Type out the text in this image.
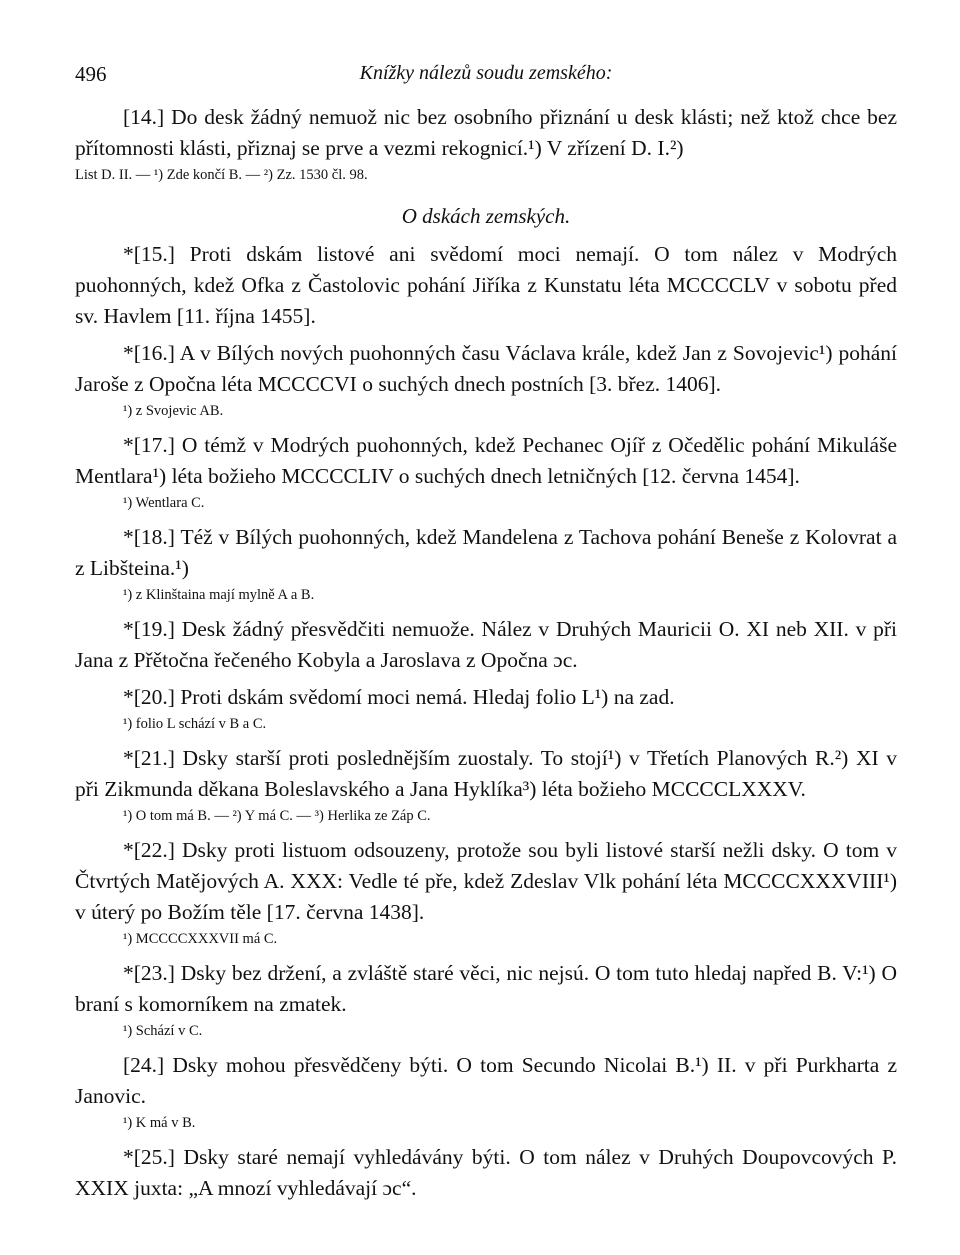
496	Knížky nálezů soudu zemského:

[14.] Do desk žádný nemuož nic bez osobního přiznání u desk klásti; než ktož chce bez přítomnosti klásti, přiznaj se prve a vezmi rekognicí.¹) V zřízení D. I.²)

List D. II. — ¹) Zde končí B. — ²) Zz. 1530 čl. 98.

O dskách zemských.

*[15.] Proti dskám listové ani svědomí moci nemají. O tom nález v Modrých puohonných, kdež Ofka z Častolovic pohání Jiříka z Kunstatu léta MCCCCLV v sobotu před sv. Havlem [11. října 1455].

*[16.] A v Bílých nových puohonných času Václava krále, kdež Jan z Sovojevic¹) pohání Jaroše z Opočna léta MCCCCVI o suchých dnech postních [3. břez. 1406].

¹) z Svojevic AB.

*[17.] O témž v Modrých puohonných, kdež Pechanec Ojíř z Očedělic pohání Mikuláše Mentlara¹) léta božieho MCCCCLIV o suchých dnech letničných [12. června 1454].

¹) Wentlara C.

*[18.] Též v Bílých puohonných, kdež Mandelena z Tachova pohání Beneše z Kolovrat a z Libšteina.¹)

¹) z Klinštaina mají mylně A a B.

*[19.] Desk žádný přesvědčiti nemuože. Nález v Druhých Mauricii O. XI neb XII. v při Jana z Přětočna řečeného Kobyla a Jaroslava z Opočna ɔc.

*[20.] Proti dskám svědomí moci nemá. Hledaj folio L¹) na zad.

¹) folio L schází v B a C.

*[21.] Dsky starší proti poslednějším zuostaly. To stojí¹) v Třetích Planových R.²) XI v při Zikmunda děkana Boleslavského a Jana Hyklíka³) léta božieho MCCCCLXXXV.

¹) O tom má B. — ²) Y má C. — ³) Herlika ze Záp C.

*[22.] Dsky proti listuom odsouzeny, protože sou byli listové starší nežli dsky. O tom v Čtvrtých Matějových A. XXX: Vedle té pře, kdež Zdeslav Vlk pohání léta MCCCCXXXVIII¹) v úterý po Božím těle [17. června 1438].

¹) MCCCCXXXVII má C.

*[23.] Dsky bez držení, a zvláště staré věci, nic nejsú. O tom tuto hledaj napřed B. V:¹) O braní s komorníkem na zmatek.

¹) Schází v C.

[24.] Dsky mohou přesvědčeny býti. O tom Secundo Nicolai B.¹) II. v při Purkharta z Janovic.

¹) K má v B.

*[25.] Dsky staré nemají vyhledávány býti. O tom nález v Druhých Doupovcových P. XXIX juxta: „A mnozí vyhledávají ɔc“.
